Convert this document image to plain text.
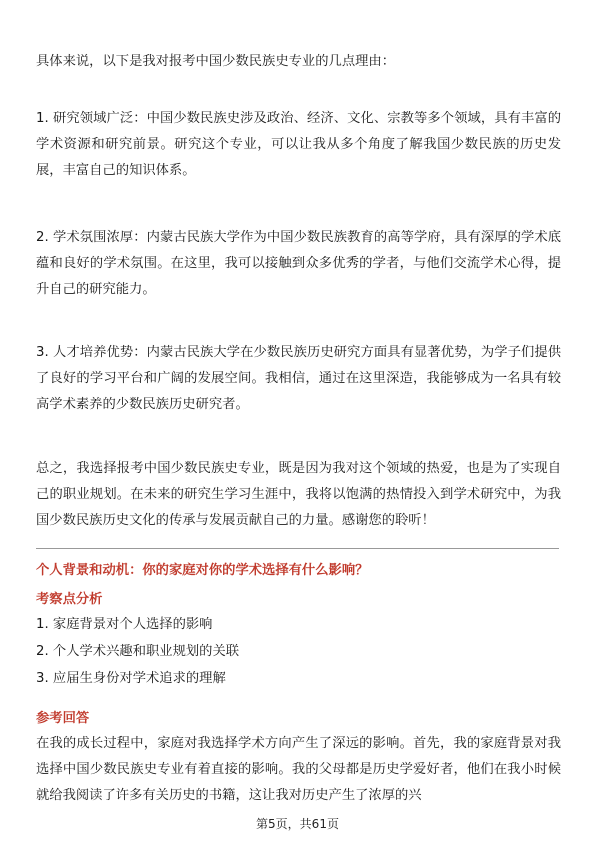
具体来说，以下是我对报考中国少数民族史专业的几点理由：

1. 研究领域广泛：中国少数民族史涉及政治、经济、文化、宗教等多个领域，具有丰富的学术资源和研究前景。研究这个专业，可以让我从多个角度了解我国少数民族的历史发展，丰富自己的知识体系。

2. 学术氛围浓厚：内蒙古民族大学作为中国少数民族教育的高等学府，具有深厚的学术底蕴和良好的学术氛围。在这里，我可以接触到众多优秀的学者，与他们交流学术心得，提升自己的研究能力。

3. 人才培养优势：内蒙古民族大学在少数民族历史研究方面具有显著优势，为学子们提供了良好的学习平台和广阔的发展空间。我相信，通过在这里深造，我能够成为一名具有较高学术素养的少数民族历史研究者。

总之，我选择报考中国少数民族史专业，既是因为我对这个领域的热爱，也是为了实现自己的职业规划。在未来的研究生学习生涯中，我将以饱满的热情投入到学术研究中，为我国少数民族历史文化的传承与发展贡献自己的力量。感谢您的聆听！

个人背景和动机：你的家庭对你的学术选择有什么影响？
考察点分析
1. 家庭背景对个人选择的影响
2. 个人学术兴趣和职业规划的关联
3. 应届生身份对学术追求的理解
参考回答

在我的成长过程中，家庭对我选择学术方向产生了深远的影响。首先，我的家庭背景对我选择中国少数民族史专业有着直接的影响。我的父母都是历史学爱好者，他们在我小时候就给我阅读了许多有关历史的书籍，这让我对历史产生了浓厚的兴

第5页，共61页
